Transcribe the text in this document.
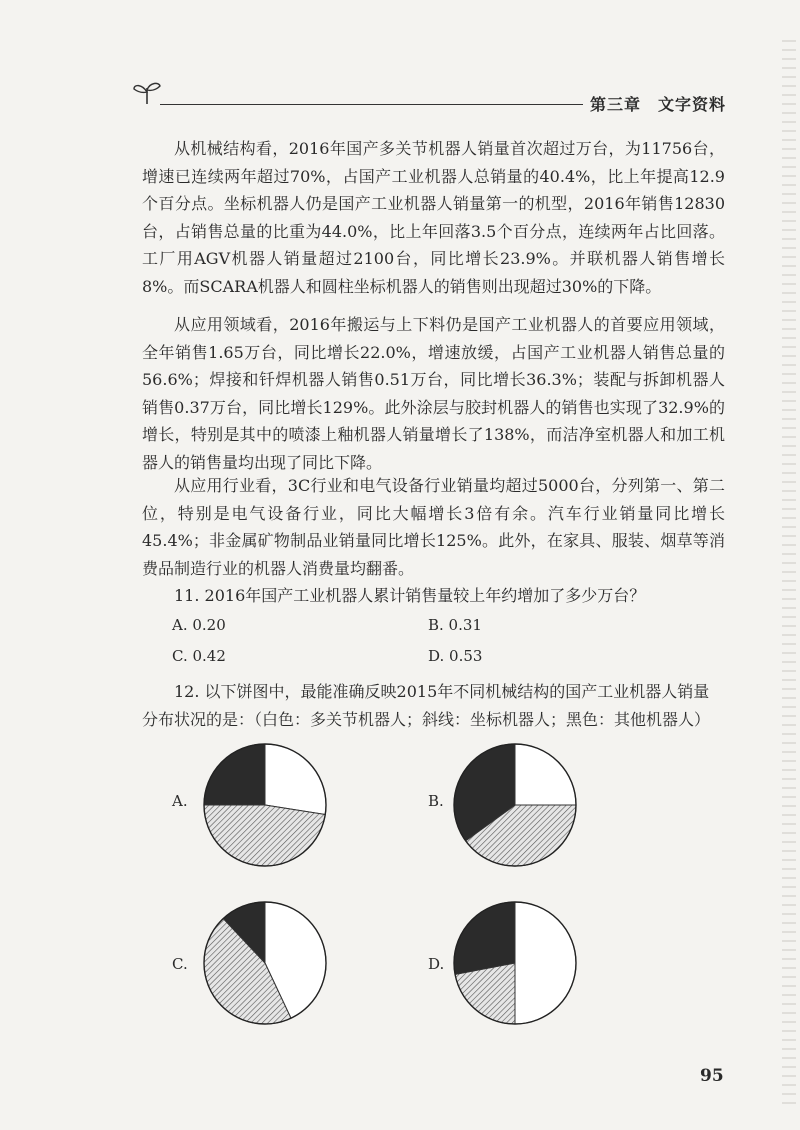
第三章　文字资料

从机械结构看，2016年国产多关节机器人销量首次超过万台，为11756台，增速已连续两年超过70%，占国产工业机器人总销量的40.4%，比上年提高12.9个百分点。坐标机器人仍是国产工业机器人销量第一的机型，2016年销售12830台，占销售总量的比重为44.0%，比上年回落3.5个百分点，连续两年占比回落。工厂用AGV机器人销量超过2100台，同比增长23.9%。并联机器人销售增长8%。而SCARA机器人和圆柱坐标机器人的销售则出现超过30%的下降。

从应用领域看，2016年搬运与上下料仍是国产工业机器人的首要应用领域，全年销售1.65万台，同比增长22.0%，增速放缓，占国产工业机器人销售总量的56.6%；焊接和钎焊机器人销售0.51万台，同比增长36.3%；装配与拆卸机器人销售0.37万台，同比增长129%。此外涂层与胶封机器人的销售也实现了32.9%的增长，特别是其中的喷漆上釉机器人销量增长了138%，而洁净室机器人和加工机器人的销售量均出现了同比下降。

从应用行业看，3C行业和电气设备行业销量均超过5000台，分列第一、第二位，特别是电气设备行业，同比大幅增长3倍有余。汽车行业销量同比增长45.4%；非金属矿物制品业销量同比增长125%。此外，在家具、服装、烟草等消费品制造行业的机器人消费量均翻番。

11. 2016年国产工业机器人累计销售量较上年约增加了多少万台？

A. 0.20	B. 0.31
C. 0.42	D. 0.53

12. 以下饼图中，最能准确反映2015年不同机械结构的国产工业机器人销量分布状况的是：（白色：多关节机器人；斜线：坐标机器人；黑色：其他机器人）

A.	B.
C.	D.
95
